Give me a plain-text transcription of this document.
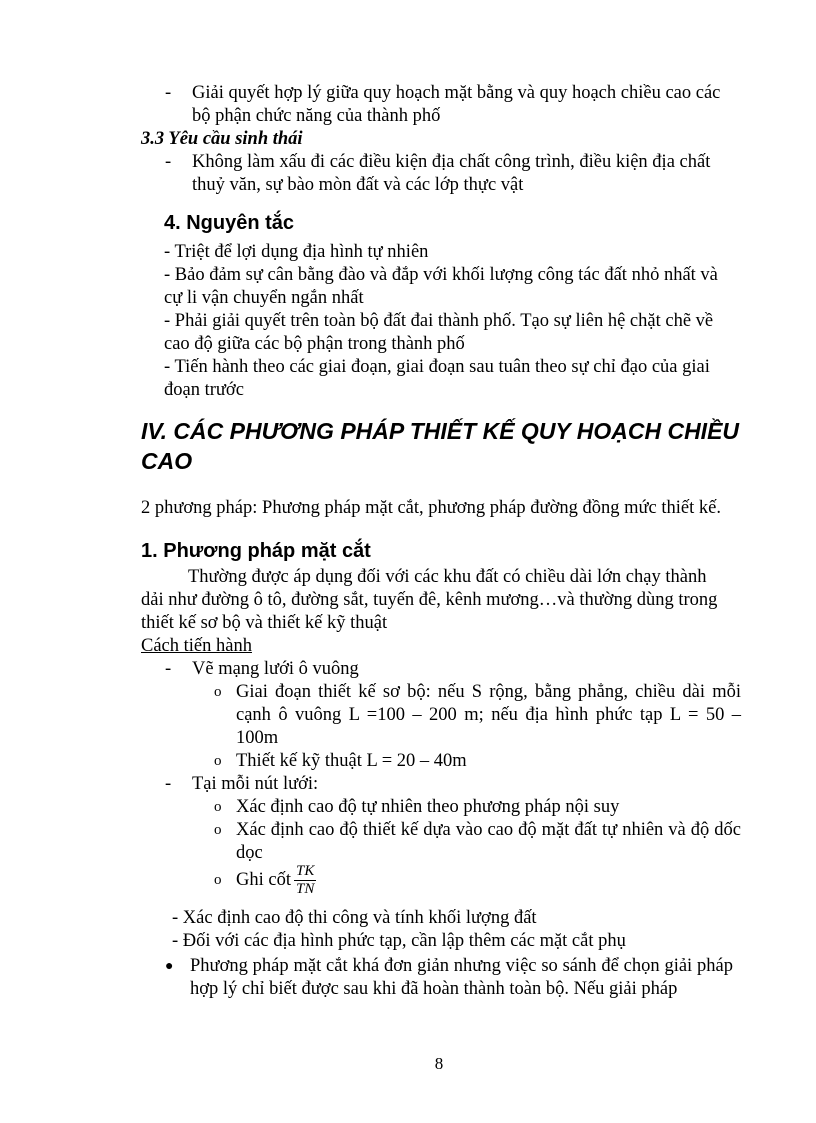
-	Giải quyết hợp lý giữa quy hoạch mặt bằng và quy hoạch chiều cao các bộ phận chức năng của thành phố
3.3 Yêu cầu sinh thái
-	Không làm xấu đi các điều kiện địa chất công trình, điều kiện địa chất thuỷ văn, sự bào mòn đất và các lớp thực vật
4. Nguyên tắc
- Triệt để lợi dụng địa hình tự nhiên
- Bảo đảm sự cân bằng đào và đắp với khối lượng công tác đất nhỏ nhất và cự li vận chuyển ngắn nhất
- Phải giải quyết trên toàn bộ đất đai thành phố. Tạo sự liên hệ chặt chẽ về cao độ giữa các bộ phận trong thành phố
- Tiến hành theo các giai đoạn, giai đoạn sau tuân theo sự chỉ đạo của giai đoạn trước
IV. CÁC PHƯƠNG PHÁP THIẾT KẾ QUY HOẠCH CHIỀU CAO
2 phương pháp: Phương pháp mặt cắt, phương pháp đường đồng mức thiết kế.
1. Phương pháp mặt cắt
Thường được áp dụng đối với các khu đất có chiều dài lớn chạy thành dải như đường ô tô, đường sắt, tuyến đê, kênh mương…và thường dùng trong thiết kế sơ bộ và thiết kế kỹ thuật
Cách tiến hành
-	Vẽ mạng lưới ô vuông
o Giai đoạn thiết kế sơ bộ: nếu S rộng, bằng phẳng, chiều dài mỗi cạnh ô vuông L =100 – 200 m; nếu địa hình phức tạp L = 50 – 100m
o Thiết kế kỹ thuật L = 20 – 40m
-	Tại mỗi nút lưới:
o Xác định cao độ tự nhiên theo phương pháp nội suy
o Xác định cao độ thiết kế dựa vào cao độ mặt đất tự nhiên và độ dốc dọc
o Ghi cốt $\frac{TK}{TN}$
- Xác định cao độ thi công và tính khối lượng đất
- Đối với các địa hình phức tạp, cần lập thêm các mặt cắt phụ
● Phương pháp mặt cắt khá đơn giản nhưng việc so sánh để chọn giải pháp hợp lý chỉ biết được sau khi đã hoàn thành toàn bộ. Nếu giải pháp
8
